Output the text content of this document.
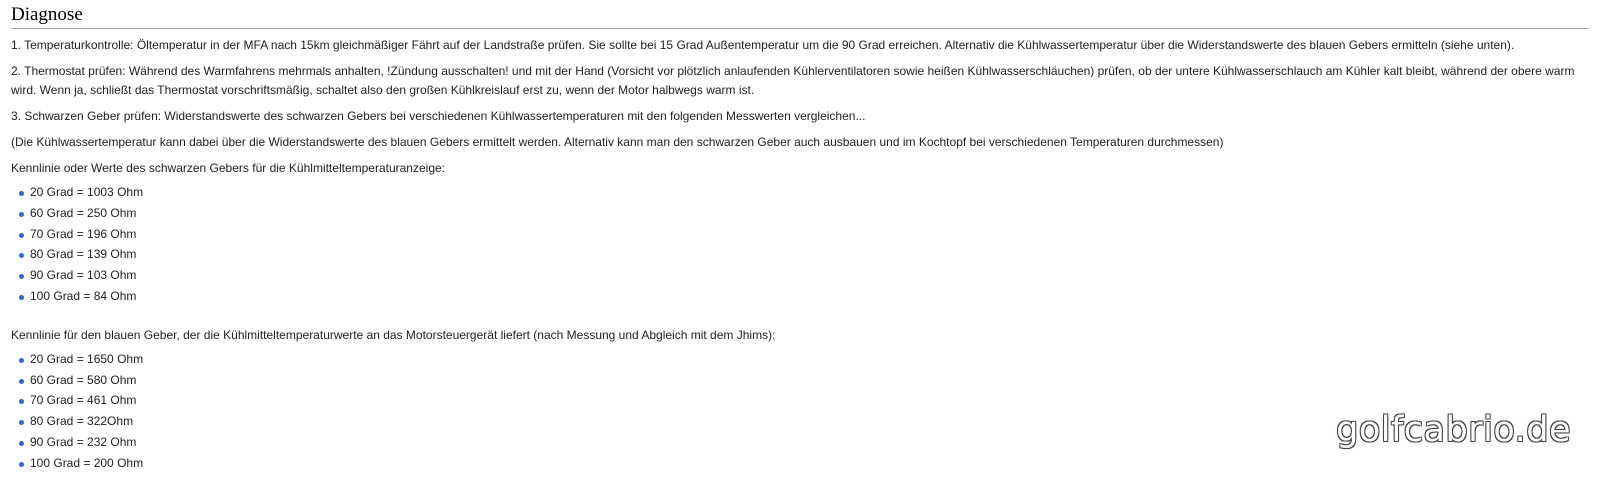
Diagnose

1. Temperaturkontrolle: Öltemperatur in der MFA nach 15km gleichmäßiger Fährt auf der Landstraße prüfen. Sie sollte bei 15 Grad Außentemperatur um die 90 Grad erreichen. Alternativ die Kühlwassertemperatur über die Widerstandswerte des blauen Gebers ermitteln (siehe unten).

2. Thermostat prüfen: Während des Warmfahrens mehrmals anhalten, !Zündung ausschalten! und mit der Hand (Vorsicht vor plötzlich anlaufenden Kühlerventilatoren sowie heißen Kühlwasserschläuchen) prüfen, ob der untere Kühlwasserschlauch am Kühler kalt bleibt, während der obere warm wird. Wenn ja, schließt das Thermostat vorschriftsmäßig, schaltet also den großen Kühlkreislauf erst zu, wenn der Motor halbwegs warm ist.

3. Schwarzen Geber prüfen: Widerstandswerte des schwarzen Gebers bei verschiedenen Kühlwassertemperaturen mit den folgenden Messwerten vergleichen...

(Die Kühlwassertemperatur kann dabei über die Widerstandswerte des blauen Gebers ermittelt werden. Alternativ kann man den schwarzen Geber auch ausbauen und im Kochtopf bei verschiedenen Temperaturen durchmessen)

Kennlinie oder Werte des schwarzen Gebers für die Kühlmitteltemperaturanzeige:

20 Grad = 1003 Ohm
60 Grad = 250 Ohm
70 Grad = 196 Ohm
80 Grad = 139 Ohm
90 Grad = 103 Ohm
100 Grad = 84 Ohm

Kennlinie für den blauen Geber, der die Kühlmitteltemperaturwerte an das Motorsteuergerät liefert (nach Messung und Abgleich mit dem Jhims):

20 Grad = 1650 Ohm
60 Grad = 580 Ohm
70 Grad = 461 Ohm
80 Grad = 322Ohm
90 Grad = 232 Ohm
100 Grad = 200 Ohm
golfcabrio.de
